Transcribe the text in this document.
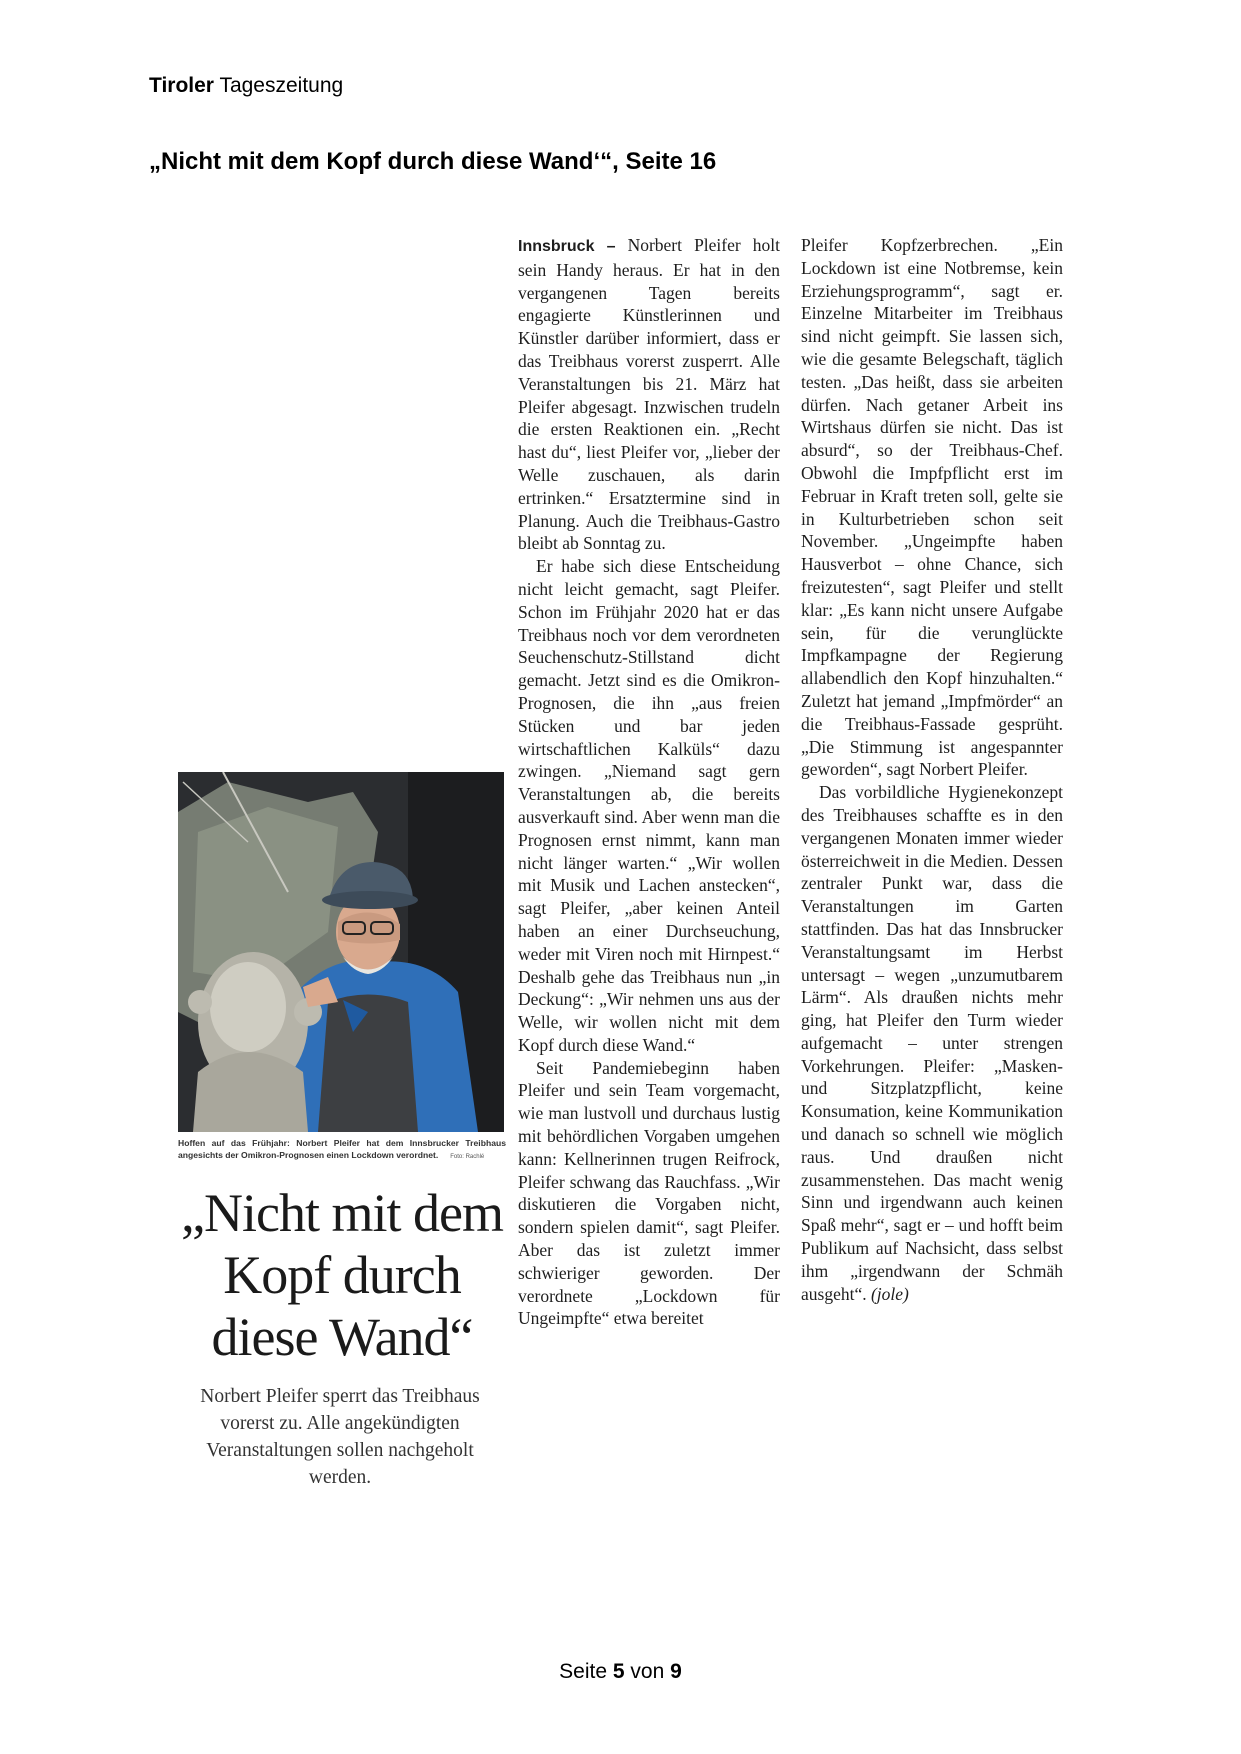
Tiroler Tageszeitung
„Nicht mit dem Kopf durch diese Wand‘“, Seite 16
Hoffen auf das Frühjahr: Norbert Pleifer hat dem Innsbrucker Treibhaus angesichts der Omikron-Prognosen einen Lockdown verordnet. Foto: Rachlé
„Nicht mit dem Kopf durch diese Wand“
Norbert Pleifer sperrt das Treibhaus vorerst zu. Alle angekündigten Veranstaltungen sollen nachgeholt werden.

Innsbruck – Norbert Pleifer holt sein Handy heraus. Er hat in den vergangenen Tagen bereits engagierte Künstlerinnen und Künstler darüber informiert, dass er das Treibhaus vorerst zusperrt. Alle Veranstaltungen bis 21. März hat Pleifer abgesagt. Inzwischen trudeln die ersten Reaktionen ein. „Recht hast du“, liest Pleifer vor, „lieber der Welle zuschauen, als darin ertrinken.“ Ersatztermine sind in Planung. Auch die Treibhaus-Gastro bleibt ab Sonntag zu.

Er habe sich diese Entscheidung nicht leicht gemacht, sagt Pleifer. Schon im Frühjahr 2020 hat er das Treibhaus noch vor dem verordneten Seuchenschutz-Stillstand dicht gemacht. Jetzt sind es die Omikron-Prognosen, die ihn „aus freien Stücken und bar jeden wirtschaftlichen Kalküls“ dazu zwingen. „Niemand sagt gern Veranstaltungen ab, die bereits ausverkauft sind. Aber wenn man die Prognosen ernst nimmt, kann man nicht länger warten.“ „Wir wollen mit Musik und Lachen anstecken“, sagt Pleifer, „aber keinen Anteil haben an einer Durchseuchung, weder mit Viren noch mit Hirnpest.“ Deshalb gehe das Treibhaus nun „in Deckung“: „Wir nehmen uns aus der Welle, wir wollen nicht mit dem Kopf durch diese Wand.“

Seit Pandemiebeginn haben Pleifer und sein Team vorgemacht, wie man lustvoll und durchaus lustig mit behördlichen Vorgaben umgehen kann: Kellnerinnen trugen Reifrock, Pleifer schwang das Rauchfass. „Wir diskutieren die Vorgaben nicht, sondern spielen damit“, sagt Pleifer. Aber das ist zuletzt immer schwieriger geworden. Der verordnete „Lockdown für Ungeimpfte“ etwa bereitet

Pleifer Kopfzerbrechen. „Ein Lockdown ist eine Notbremse, kein Erziehungsprogramm“, sagt er. Einzelne Mitarbeiter im Treibhaus sind nicht geimpft. Sie lassen sich, wie die gesamte Belegschaft, täglich testen. „Das heißt, dass sie arbeiten dürfen. Nach getaner Arbeit ins Wirtshaus dürfen sie nicht. Das ist absurd“, so der Treibhaus-Chef. Obwohl die Impfpflicht erst im Februar in Kraft treten soll, gelte sie in Kulturbetrieben schon seit November. „Ungeimpfte haben Hausverbot – ohne Chance, sich freizutesten“, sagt Pleifer und stellt klar: „Es kann nicht unsere Aufgabe sein, für die verunglückte Impfkampagne der Regierung allabendlich den Kopf hinzuhalten.“ Zuletzt hat jemand „Impfmörder“ an die Treibhaus-Fassade gesprüht. „Die Stimmung ist angespannter geworden“, sagt Norbert Pleifer.

Das vorbildliche Hygienekonzept des Treibhauses schaffte es in den vergangenen Monaten immer wieder österreichweit in die Medien. Dessen zentraler Punkt war, dass die Veranstaltungen im Garten stattfinden. Das hat das Innsbrucker Veranstaltungsamt im Herbst untersagt – wegen „unzumutbarem Lärm“. Als draußen nichts mehr ging, hat Pleifer den Turm wieder aufgemacht – unter strengen Vorkehrungen. Pleifer: „Masken- und Sitzplatzpflicht, keine Konsumation, keine Kommunikation und danach so schnell wie möglich raus. Und draußen nicht zusammenstehen. Das macht wenig Sinn und irgendwann auch keinen Spaß mehr“, sagt er – und hofft beim Publikum auf Nachsicht, dass selbst ihm „irgendwann der Schmäh ausgeht“. (jole)

Seite 5 von 9
